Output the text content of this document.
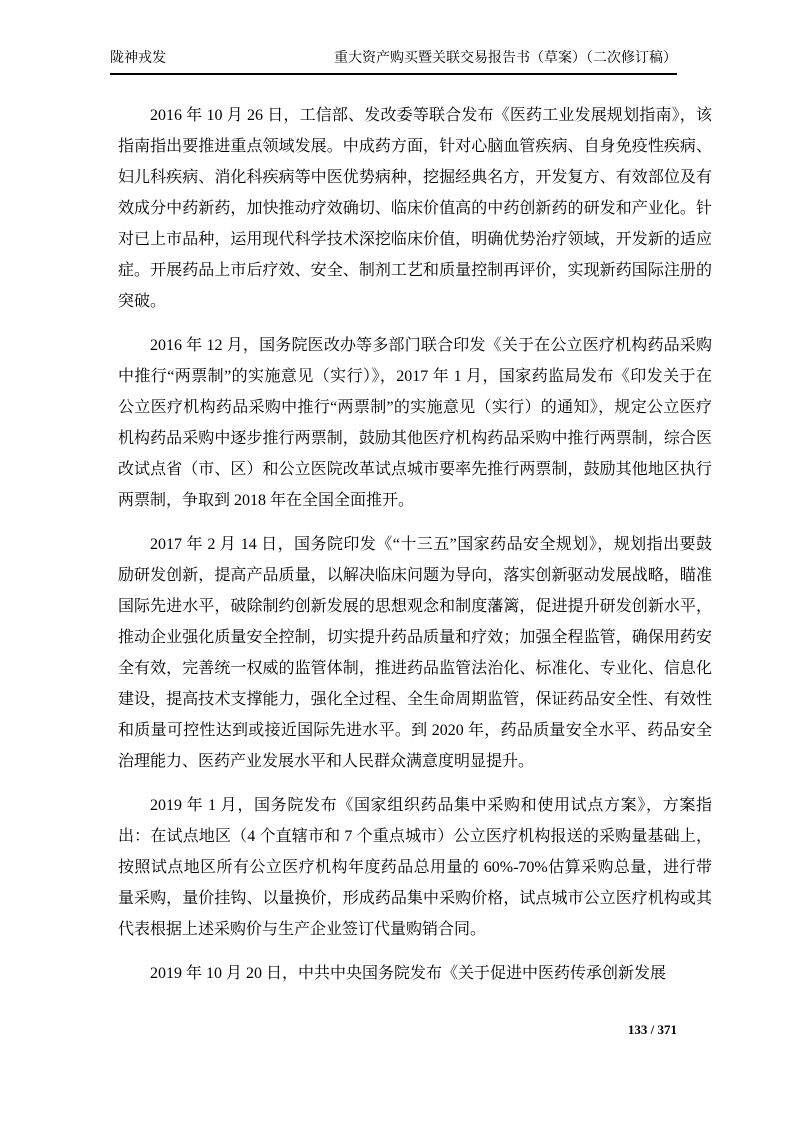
陇神戎发	重大资产购买暨关联交易报告书（草案）（二次修订稿）

2016 年 10 月 26 日，工信部、发改委等联合发布《医药工业发展规划指南》，该指南指出要推进重点领域发展。中成药方面，针对心脑血管疾病、自身免疫性疾病、妇儿科疾病、消化科疾病等中医优势病种，挖掘经典名方，开发复方、有效部位及有效成分中药新药，加快推动疗效确切、临床价值高的中药创新药的研发和产业化。针对已上市品种，运用现代科学技术深挖临床价值，明确优势治疗领域，开发新的适应症。开展药品上市后疗效、安全、制剂工艺和质量控制再评价，实现新药国际注册的突破。

2016 年 12 月，国务院医改办等多部门联合印发《关于在公立医疗机构药品采购中推行“两票制”的实施意见（实行）》，2017 年 1 月，国家药监局发布《印发关于在公立医疗机构药品采购中推行“两票制”的实施意见（实行）的通知》，规定公立医疗机构药品采购中逐步推行两票制，鼓励其他医疗机构药品采购中推行两票制，综合医改试点省（市、区）和公立医院改革试点城市要率先推行两票制，鼓励其他地区执行两票制，争取到 2018 年在全国全面推开。

2017 年 2 月 14 日，国务院印发《“十三五”国家药品安全规划》，规划指出要鼓励研发创新，提高产品质量，以解决临床问题为导向，落实创新驱动发展战略，瞄准国际先进水平，破除制约创新发展的思想观念和制度藩篱，促进提升研发创新水平，推动企业强化质量安全控制，切实提升药品质量和疗效；加强全程监管，确保用药安全有效，完善统一权威的监管体制，推进药品监管法治化、标准化、专业化、信息化建设，提高技术支撑能力，强化全过程、全生命周期监管，保证药品安全性、有效性和质量可控性达到或接近国际先进水平。到 2020 年，药品质量安全水平、药品安全治理能力、医药产业发展水平和人民群众满意度明显提升。

2019 年 1 月，国务院发布《国家组织药品集中采购和使用试点方案》，方案指出：在试点地区（4 个直辖市和 7 个重点城市）公立医疗机构报送的采购量基础上，按照试点地区所有公立医疗机构年度药品总用量的 60%-70%估算采购总量，进行带量采购，量价挂钩、以量换价，形成药品集中采购价格，试点城市公立医疗机构或其代表根据上述采购价与生产企业签订代量购销合同。

2019 年 10 月 20 日，中共中央国务院发布《关于促进中医药传承创新发展

133 / 371
